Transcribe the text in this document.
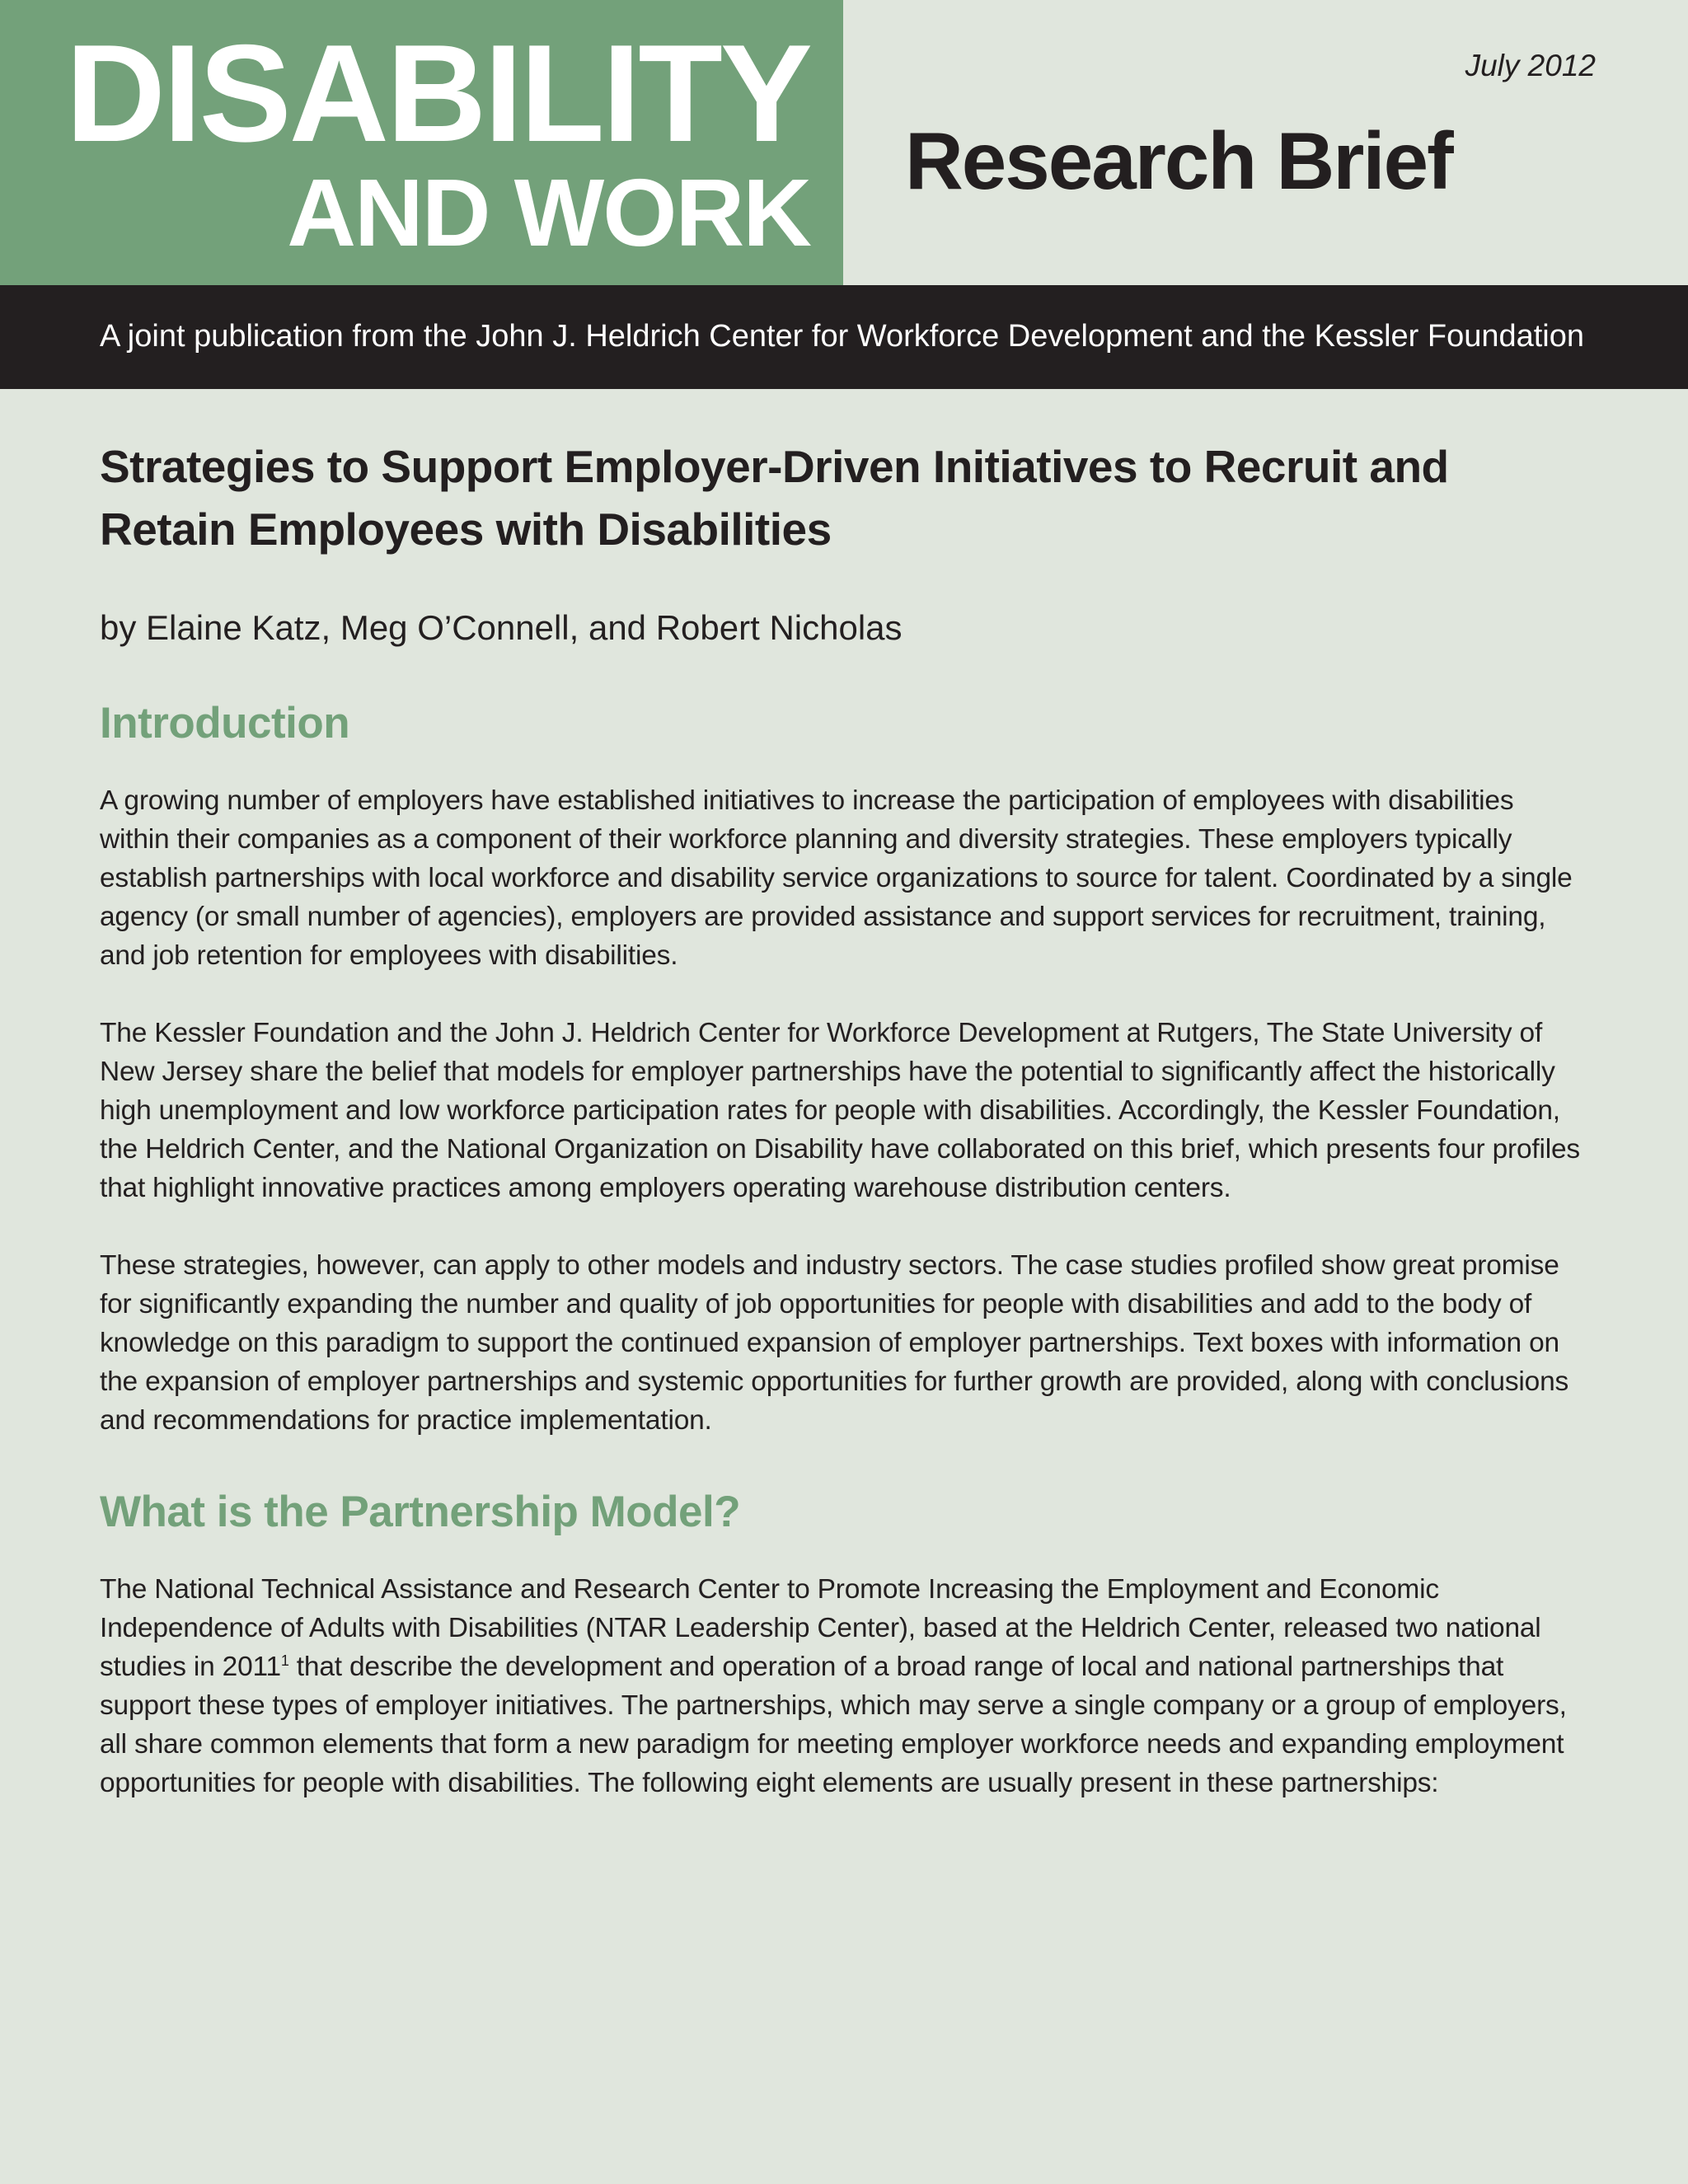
DISABILITY
AND WORK Research Brief
July 2012
A joint publication from the John J. Heldrich Center for Workforce Development and the Kessler Foundation
Strategies to Support Employer-Driven Initiatives to Recruit and Retain Employees with Disabilities

by Elaine Katz, Meg O’Connell, and Robert Nicholas

Introduction

A growing number of employers have established initiatives to increase the participation of employees with disabilities within their companies as a component of their workforce planning and diversity strategies. These employers typically establish partnerships with local workforce and disability service organizations to source for talent. Coordinated by a single agency (or small number of agencies), employers are provided assistance and support services for recruitment, training, and job retention for employees with disabilities.

The Kessler Foundation and the John J. Heldrich Center for Workforce Development at Rutgers, The State University of New Jersey share the belief that models for employer partnerships have the potential to significantly affect the historically high unemployment and low workforce participation rates for people with disabilities. Accordingly, the Kessler Foundation, the Heldrich Center, and the National Organization on Disability have collaborated on this brief, which presents four profiles that highlight innovative practices among employers operating warehouse distribution centers.

These strategies, however, can apply to other models and industry sectors. The case studies profiled show great promise for significantly expanding the number and quality of job opportunities for people with disabilities and add to the body of knowledge on this paradigm to support the continued expansion of employer partnerships. Text boxes with information on the expansion of employer partnerships and systemic opportunities for further growth are provided, along with conclusions and recommendations for practice implementation.

What is the Partnership Model?

The National Technical Assistance and Research Center to Promote Increasing the Employment and Economic Independence of Adults with Disabilities (NTAR Leadership Center), based at the Heldrich Center, released two national studies in 2011$^1$ that describe the development and operation of a broad range of local and national partnerships that support these types of employer initiatives. The partnerships, which may serve a single company or a group of employers, all share common elements that form a new paradigm for meeting employer workforce needs and expanding employment opportunities for people with disabilities. The following eight elements are usually present in these partnerships:
